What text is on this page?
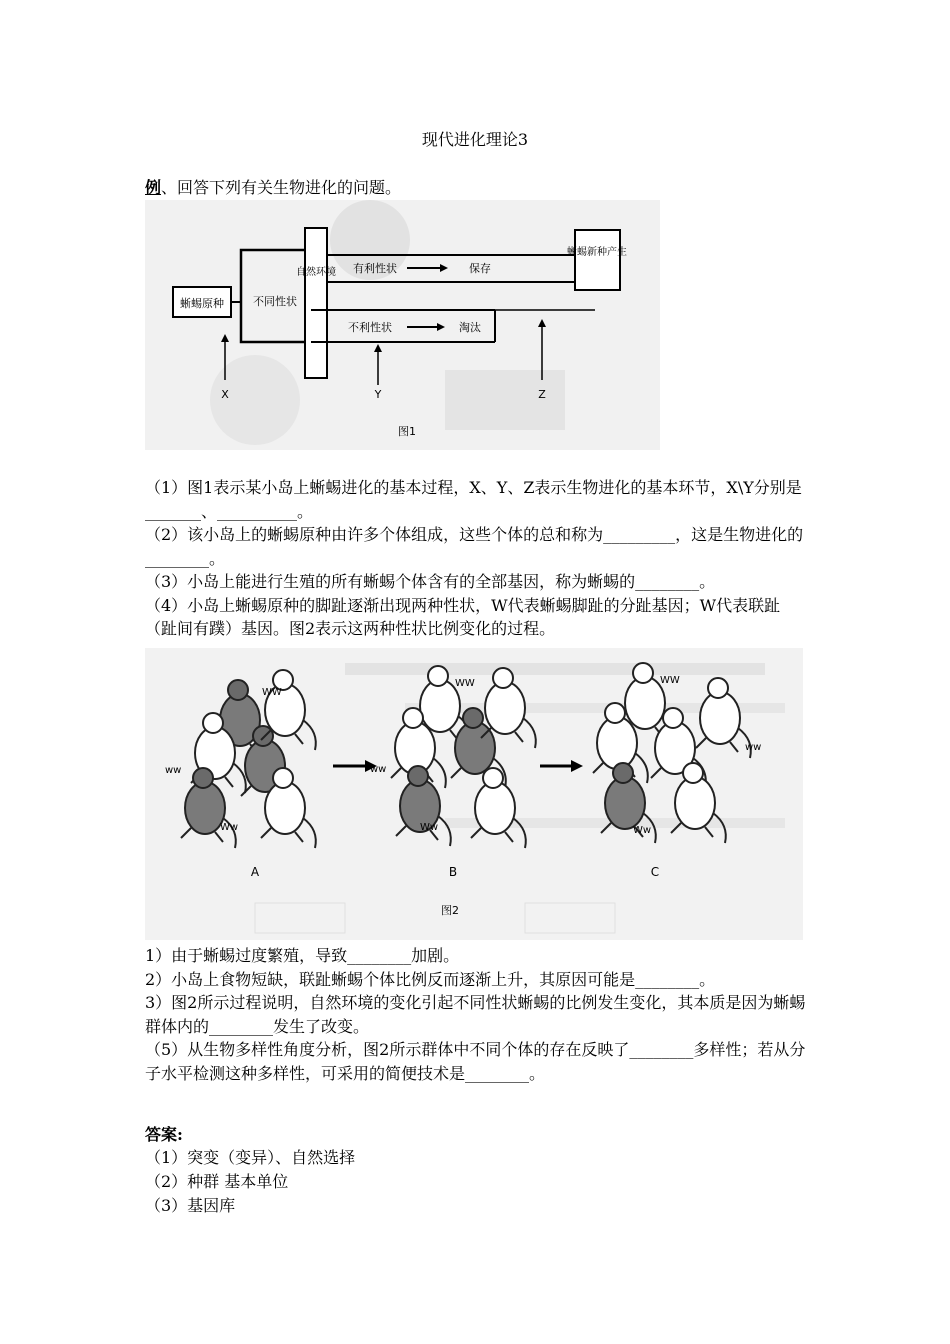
现代进化理论3
例、回答下列有关生物进化的问题。
蜥蜴原种	不同性状
自然环境 有利性状	保存
蜥蜴新种产生
不利性状	淘汰
X	Y	Z
图1
（1）图1表示某小岛上蜥蜴进化的基本过程，X、Y、Z表示生物进化的基本环节，X\Y分别是_______、__________。
（2）该小岛上的蜥蜴原种由许多个体组成，这些个体的总和称为_________，这是生物进化的________。
（3）小岛上能进行生殖的所有蜥蜴个体含有的全部基因，称为蜥蜴的________。
（4）小岛上蜥蜴原种的脚趾逐渐出现两种性状，W代表蜥蜴脚趾的分趾基因；W代表联趾（趾间有蹼）基因。图2表示这两种性状比例变化的过程。
WW
Ww
ww
A
WW
Ww
ww
B
WW
Ww
ww
C
图2
1）由于蜥蜴过度繁殖，导致________加剧。
2）小岛上食物短缺，联趾蜥蜴个体比例反而逐渐上升，其原因可能是________。
3）图2所示过程说明，自然环境的变化引起不同性状蜥蜴的比例发生变化，其本质是因为蜥蜴群体内的________发生了改变。
（5）从生物多样性角度分析，图2所示群体中不同个体的存在反映了________多样性；若从分子水平检测这种多样性，可采用的简便技术是________。
答案:
（1）突变（变异）、自然选择
（2）种群 基本单位
（3）基因库
